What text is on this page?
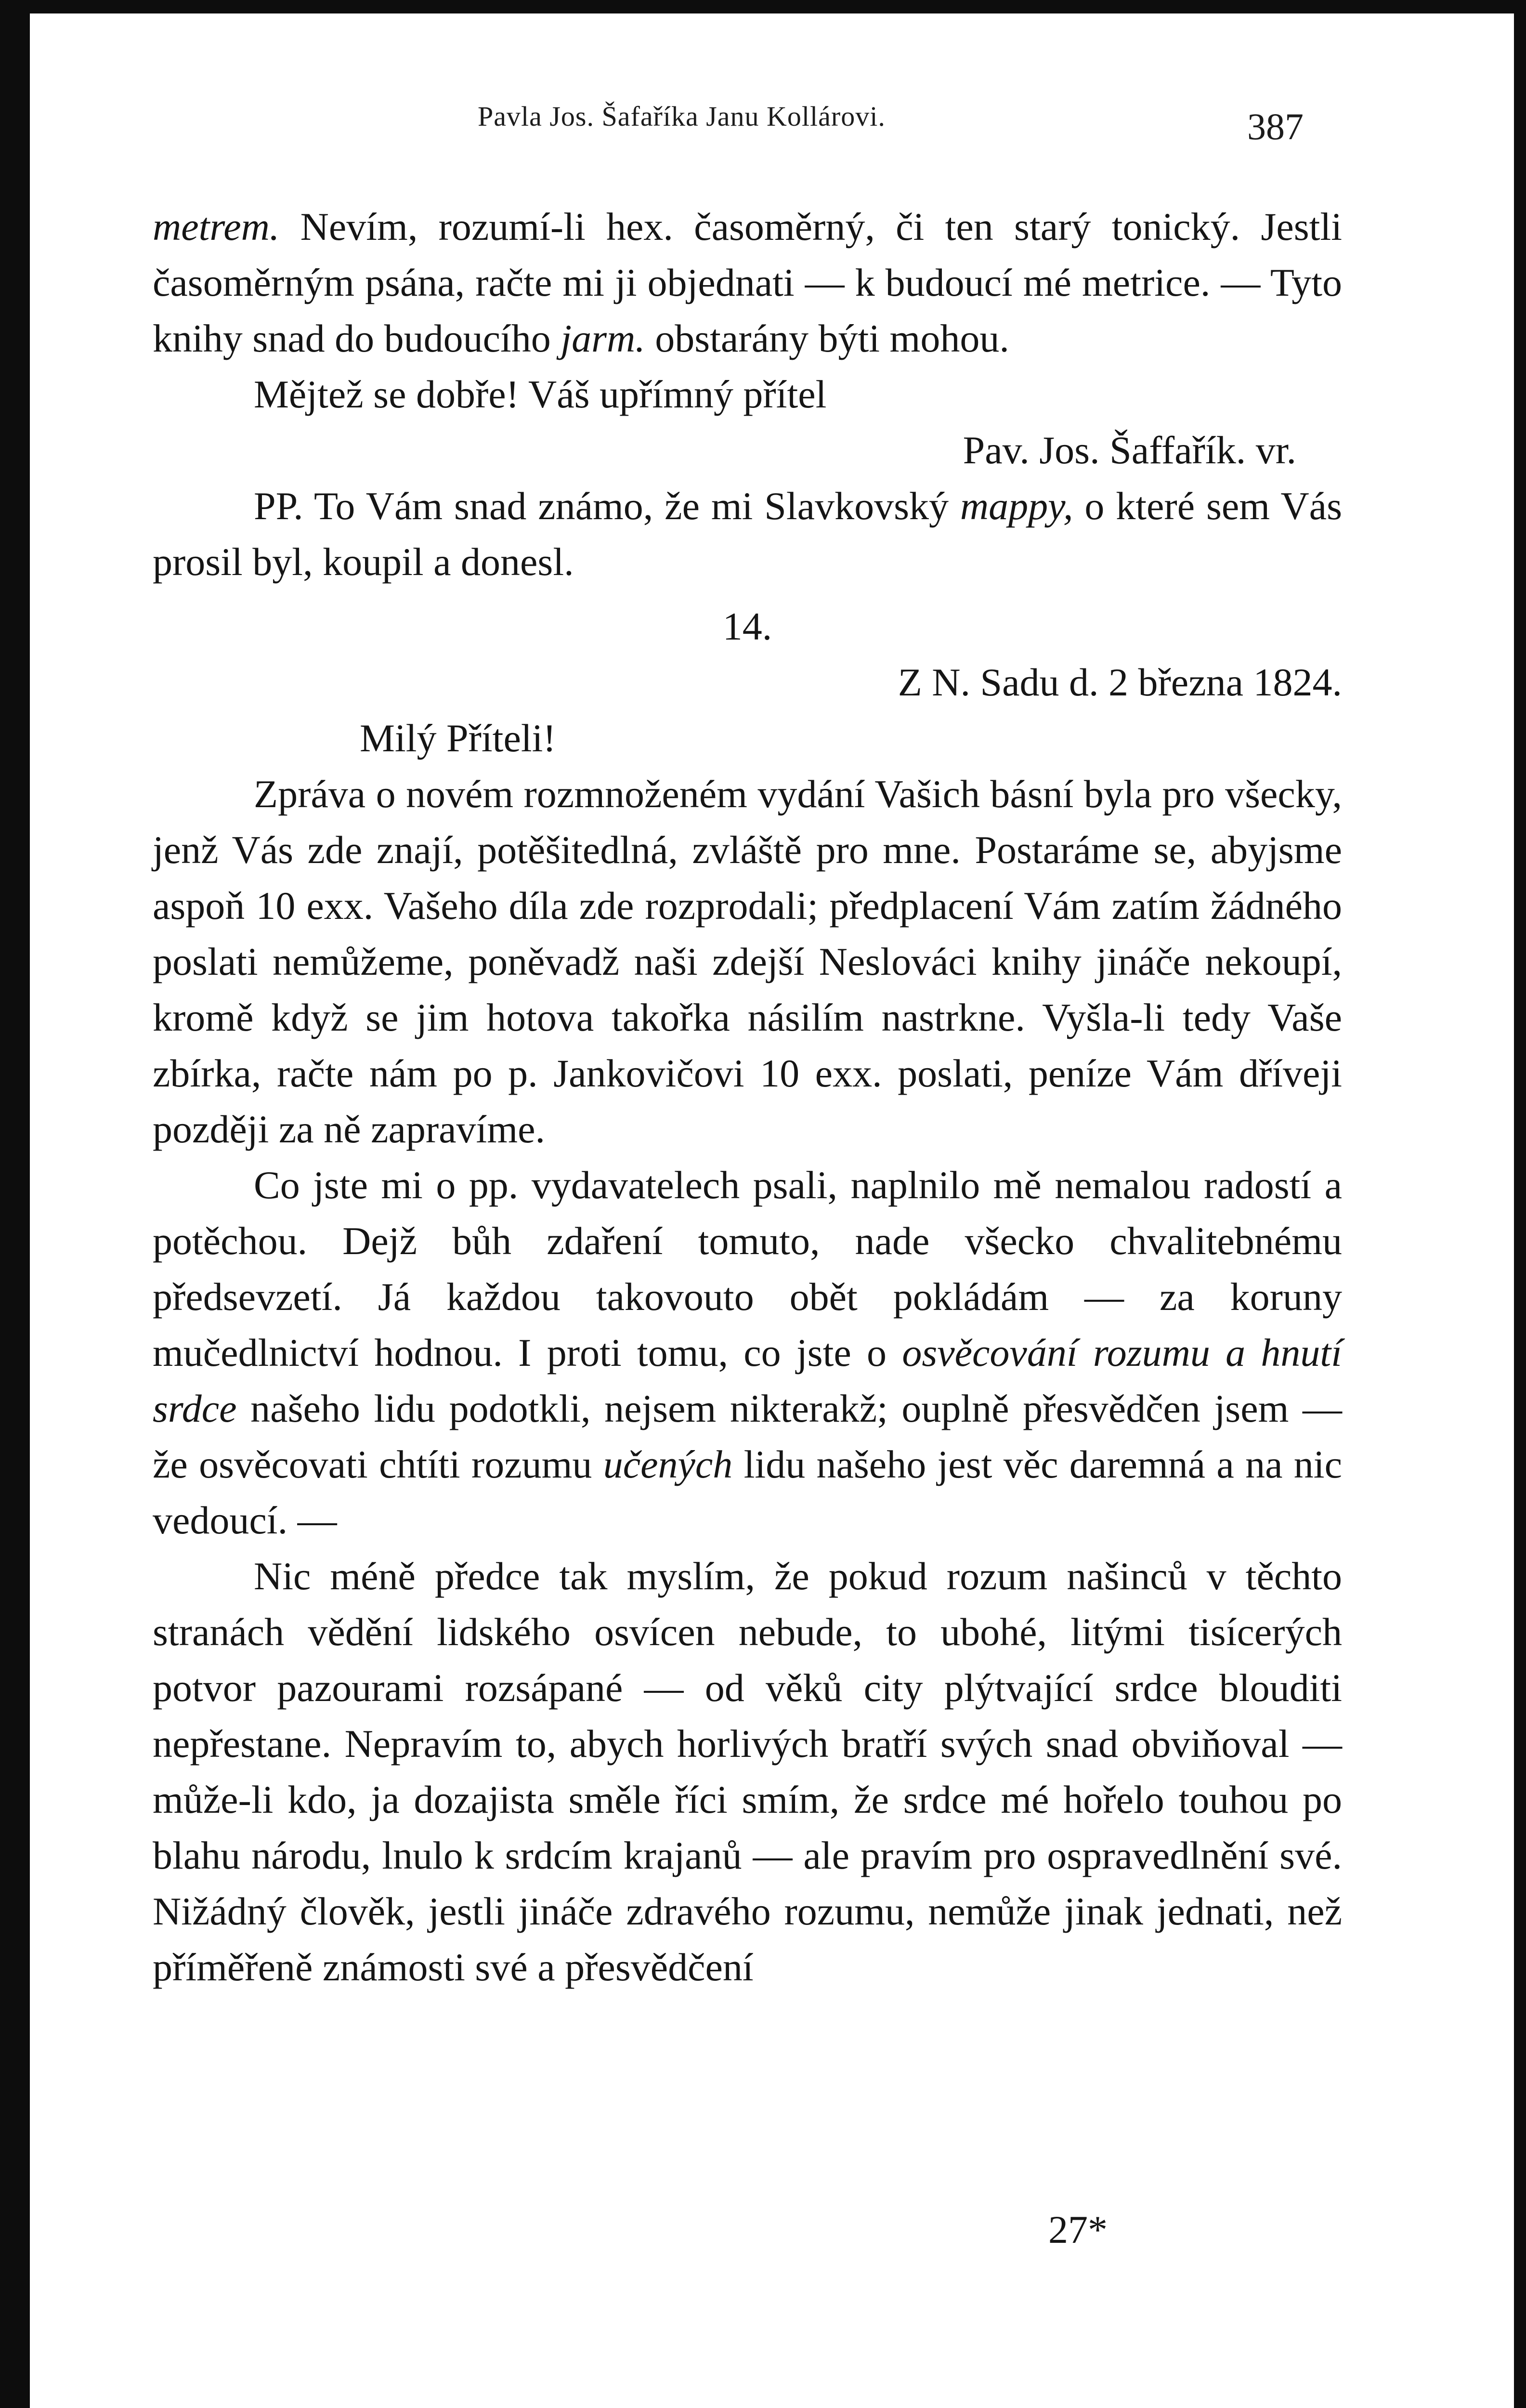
Pavla Jos. Šafaříka Janu Kollárovi.	387

metrem. Nevím, rozumí-li hex. časoměrný, či ten starý tonický. Jestli časoměrným psána, račte mi ji objednati — k budoucí mé metrice. — Tyto knihy snad do budoucího jarm. obstarány býti mohou.

Mějtež se dobře! Váš upřímný přítel

Pav. Jos. Šaffařík. vr.

PP. To Vám snad známo, že mi Slavkovský mappy, o které sem Vás prosil byl, koupil a donesl.

14.

Z N. Sadu d. 2 března 1824.

Milý Příteli!

Zpráva o novém rozmnoženém vydání Vašich básní byla pro všecky, jenž Vás zde znají, potěšitedlná, zvláště pro mne. Postaráme se, abyjsme aspoň 10 exx. Vašeho díla zde rozprodali; předplacení Vám zatím žádného poslati nemůžeme, poněvadž naši zdejší Neslováci knihy jináče nekoupí, kromě když se jim hotova takořka násilím nastrkne. Vyšla-li tedy Vaše zbírka, račte nám po p. Jankovičovi 10 exx. poslati, peníze Vám dříveji později za ně zapravíme.

Co jste mi o pp. vydavatelech psali, naplnilo mě nemalou radostí a potěchou. Dejž bůh zdaření tomuto, nade všecko chvalitebnému předsevzetí. Já každou takovouto obět pokládám — za koruny mučedlnictví hodnou. I proti tomu, co jste o osvěcování rozumu a hnutí srdce našeho lidu podotkli, nejsem nikterakž; ouplně přesvědčen jsem — že osvěcovati chtíti rozumu učených lidu našeho jest věc daremná a na nic vedoucí. —

Nic méně předce tak myslím, že pokud rozum našinců v těchto stranách vědění lidského osvícen nebude, to ubohé, litými tisícerých potvor pazourami rozsápané — od věků city plýtvající srdce blouditi nepřestane. Nepravím to, abych horlivých bratří svých snad obviňoval — může-li kdo, ja dozajista směle říci smím, že srdce mé hořelo touhou po blahu národu, lnulo k srdcím krajanů — ale pravím pro ospravedlnění své. Nižádný člověk, jestli jináče zdravého rozumu, nemůže jinak jednati, než příměřeně známosti své a přesvědčení

27*
